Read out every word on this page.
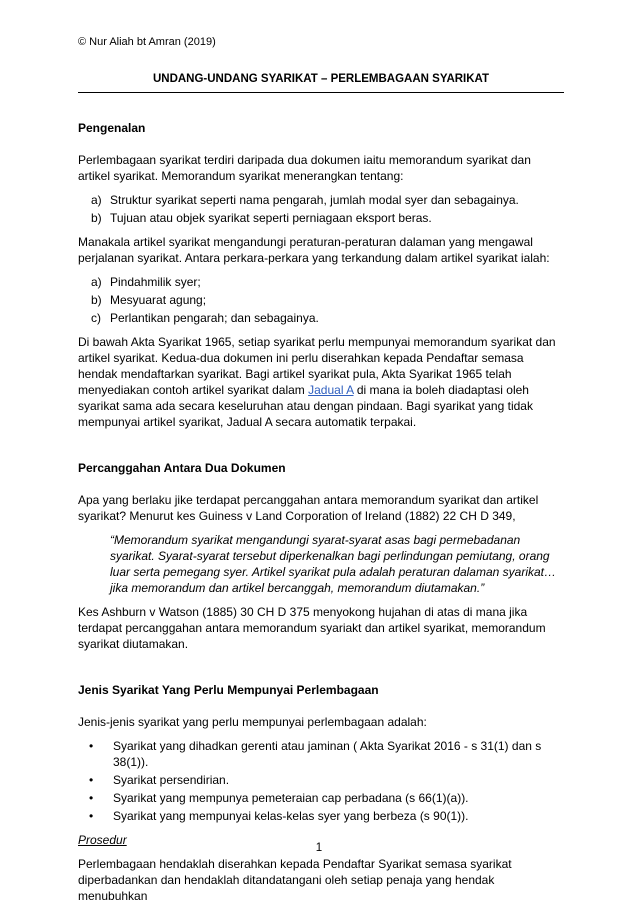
© Nur Aliah bt Amran (2019)
UNDANG-UNDANG SYARIKAT – PERLEMBAGAAN SYARIKAT
Pengenalan
Perlembagaan syarikat terdiri daripada dua dokumen iaitu memorandum syarikat dan artikel syarikat. Memorandum syarikat menerangkan tentang:
a) Struktur syarikat seperti nama pengarah, jumlah modal syer dan sebagainya.
b) Tujuan atau objek syarikat seperti perniagaan eksport beras.
Manakala artikel syarikat mengandungi peraturan-peraturan dalaman yang mengawal perjalanan syarikat. Antara perkara-perkara yang terkandung dalam artikel syarikat ialah:
a) Pindahmilik syer;
b) Mesyuarat agung;
c) Perlantikan pengarah; dan sebagainya.
Di bawah Akta Syarikat 1965, setiap syarikat perlu mempunyai memorandum syarikat dan artikel syarikat. Kedua-dua dokumen ini perlu diserahkan kepada Pendaftar semasa hendak mendaftarkan syarikat. Bagi artikel syarikat pula, Akta Syarikat 1965 telah menyediakan contoh artikel syarikat dalam Jadual A di mana ia boleh diadaptasi oleh syarikat sama ada secara keseluruhan atau dengan pindaan. Bagi syarikat yang tidak mempunyai artikel syarikat, Jadual A secara automatik terpakai.
Percanggahan Antara Dua Dokumen
Apa yang berlaku jike terdapat percanggahan antara memorandum syarikat dan artikel syarikat? Menurut kes Guiness v Land Corporation of Ireland (1882) 22 CH D 349,
“Memorandum syarikat mengandungi syarat-syarat asas bagi permebadanan syarikat. Syarat-syarat tersebut diperkenalkan bagi perlindungan pemiutang, orang luar serta pemegang syer. Artikel syarikat pula adalah peraturan dalaman syarikat… jika memorandum dan artikel bercanggah, memorandum diutamakan.”
Kes Ashburn v Watson (1885) 30 CH D 375 menyokong hujahan di atas di mana jika terdapat percanggahan antara memorandum syariakt dan artikel syarikat, memorandum syarikat diutamakan.
Jenis Syarikat Yang Perlu Mempunyai Perlembagaan
Jenis-jenis syarikat yang perlu mempunyai perlembagaan adalah:
•	Syarikat yang dihadkan gerenti atau jaminan ( Akta Syarikat 2016 - s 31(1) dan s 38(1)).
•	Syarikat persendirian.
•	Syarikat yang mempunya pemeteraian cap perbadana (s 66(1)(a)).
•	Syarikat yang mempunyai kelas-kelas syer yang berbeza (s 90(1)).
Prosedur
Perlembagaan hendaklah diserahkan kepada Pendaftar Syarikat semasa syarikat diperbadankan dan hendaklah ditandatangani oleh setiap penaja yang hendak menubuhkan
1
